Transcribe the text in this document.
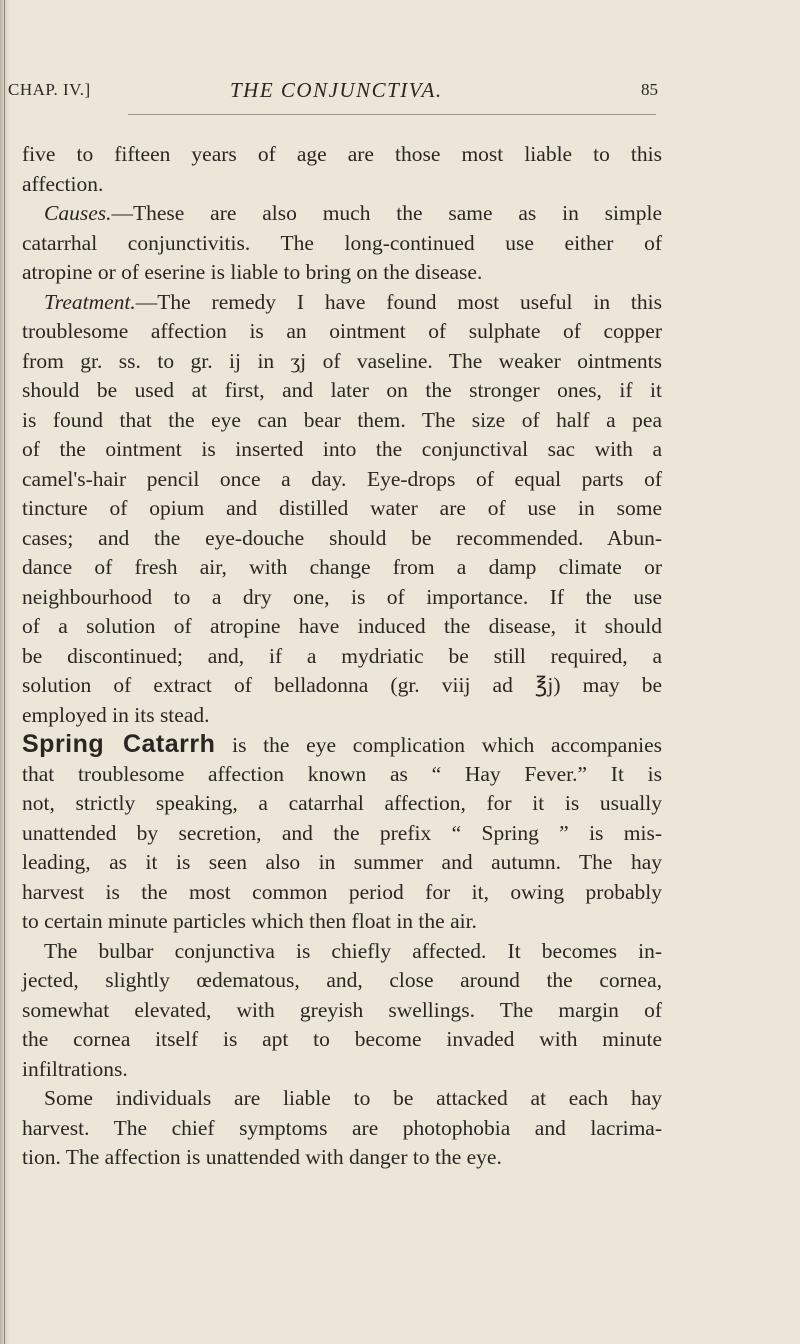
CHAP. IV.]	THE CONJUNCTIVA.	85
five to fifteen years of age are those most liable to this
affection.
Causes.—These are also much the same as in simple
catarrhal conjunctivitis. The long-continued use either of
atropine or of eserine is liable to bring on the disease.
Treatment.—The remedy I have found most useful in this
troublesome affection is an ointment of sulphate of copper
from gr. ss. to gr. ij in ʒj of vaseline. The weaker ointments
should be used at first, and later on the stronger ones, if it
is found that the eye can bear them. The size of half a pea
of the ointment is inserted into the conjunctival sac with a
camel's-hair pencil once a day. Eye-drops of equal parts of
tincture of opium and distilled water are of use in some
cases; and the eye-douche should be recommended. Abun-
dance of fresh air, with change from a damp climate or
neighbourhood to a dry one, is of importance. If the use
of a solution of atropine have induced the disease, it should
be discontinued; and, if a mydriatic be still required, a
solution of extract of belladonna (gr. viij ad ℥j) may be
employed in its stead.
Spring Catarrh is the eye complication which accompanies
that troublesome affection known as “ Hay Fever.” It is
not, strictly speaking, a catarrhal affection, for it is usually
unattended by secretion, and the prefix “ Spring ” is mis-
leading, as it is seen also in summer and autumn. The hay
harvest is the most common period for it, owing probably
to certain minute particles which then float in the air.
The bulbar conjunctiva is chiefly affected. It becomes in-
jected, slightly œdematous, and, close around the cornea,
somewhat elevated, with greyish swellings. The margin of
the cornea itself is apt to become invaded with minute
infiltrations.
Some individuals are liable to be attacked at each hay
harvest. The chief symptoms are photophobia and lacrima-
tion. The affection is unattended with danger to the eye.
